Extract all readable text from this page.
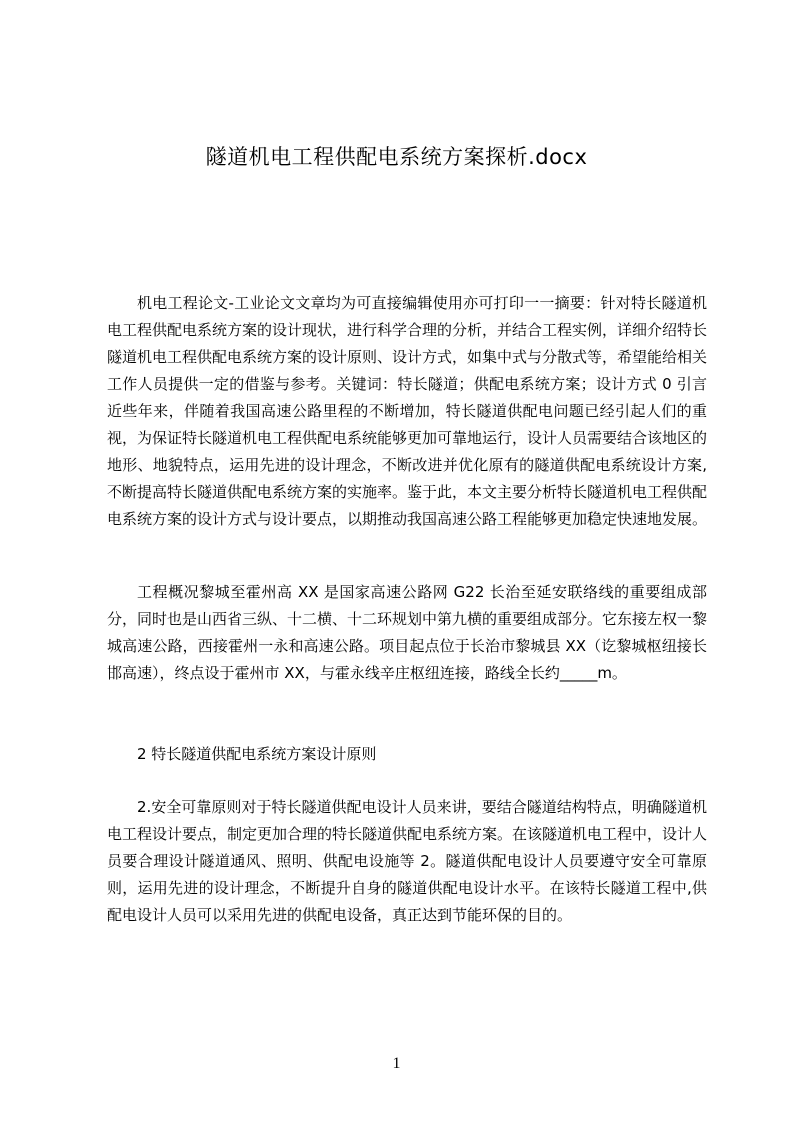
隧道机电工程供配电系统方案探析.docx

机电工程论文-工业论文文章均为可直接编辑使用亦可打印一一摘要：针对特长隧道机电工程供配电系统方案的设计现状，进行科学合理的分析，并结合工程实例，详细介绍特长隧道机电工程供配电系统方案的设计原则、设计方式，如集中式与分散式等，希望能给相关工作人员提供一定的借鉴与参考。关键词：特长隧道；供配电系统方案；设计方式 0 引言近些年来，伴随着我国高速公路里程的不断增加，特长隧道供配电问题已经引起人们的重视，为保证特长隧道机电工程供配电系统能够更加可靠地运行，设计人员需要结合该地区的地形、地貌特点，运用先进的设计理念，不断改进并优化原有的隧道供配电系统设计方案,不断提高特长隧道供配电系统方案的实施率。鉴于此，本文主要分析特长隧道机电工程供配电系统方案的设计方式与设计要点，以期推动我国高速公路工程能够更加稳定快速地发展。

工程概况黎城至霍州高 XX 是国家高速公路网 G22 长治至延安联络线的重要组成部分，同时也是山西省三纵、十二横、十二环规划中第九横的重要组成部分。它东接左权一黎城高速公路，西接霍州一永和高速公路。项目起点位于长治市黎城县 XX（讫黎城枢纽接长邯高速），终点设于霍州市 XX，与霍永线辛庄枢纽连接，路线全长约_____m。

2 特长隧道供配电系统方案设计原则

2.安全可靠原则对于特长隧道供配电设计人员来讲，要结合隧道结构特点，明确隧道机电工程设计要点，制定更加合理的特长隧道供配电系统方案。在该隧道机电工程中，设计人员要合理设计隧道通风、照明、供配电设施等 2。隧道供配电设计人员要遵守安全可靠原则，运用先进的设计理念，不断提升自身的隧道供配电设计水平。在该特长隧道工程中,供配电设计人员可以采用先进的供配电设备，真正达到节能环保的目的。

1
